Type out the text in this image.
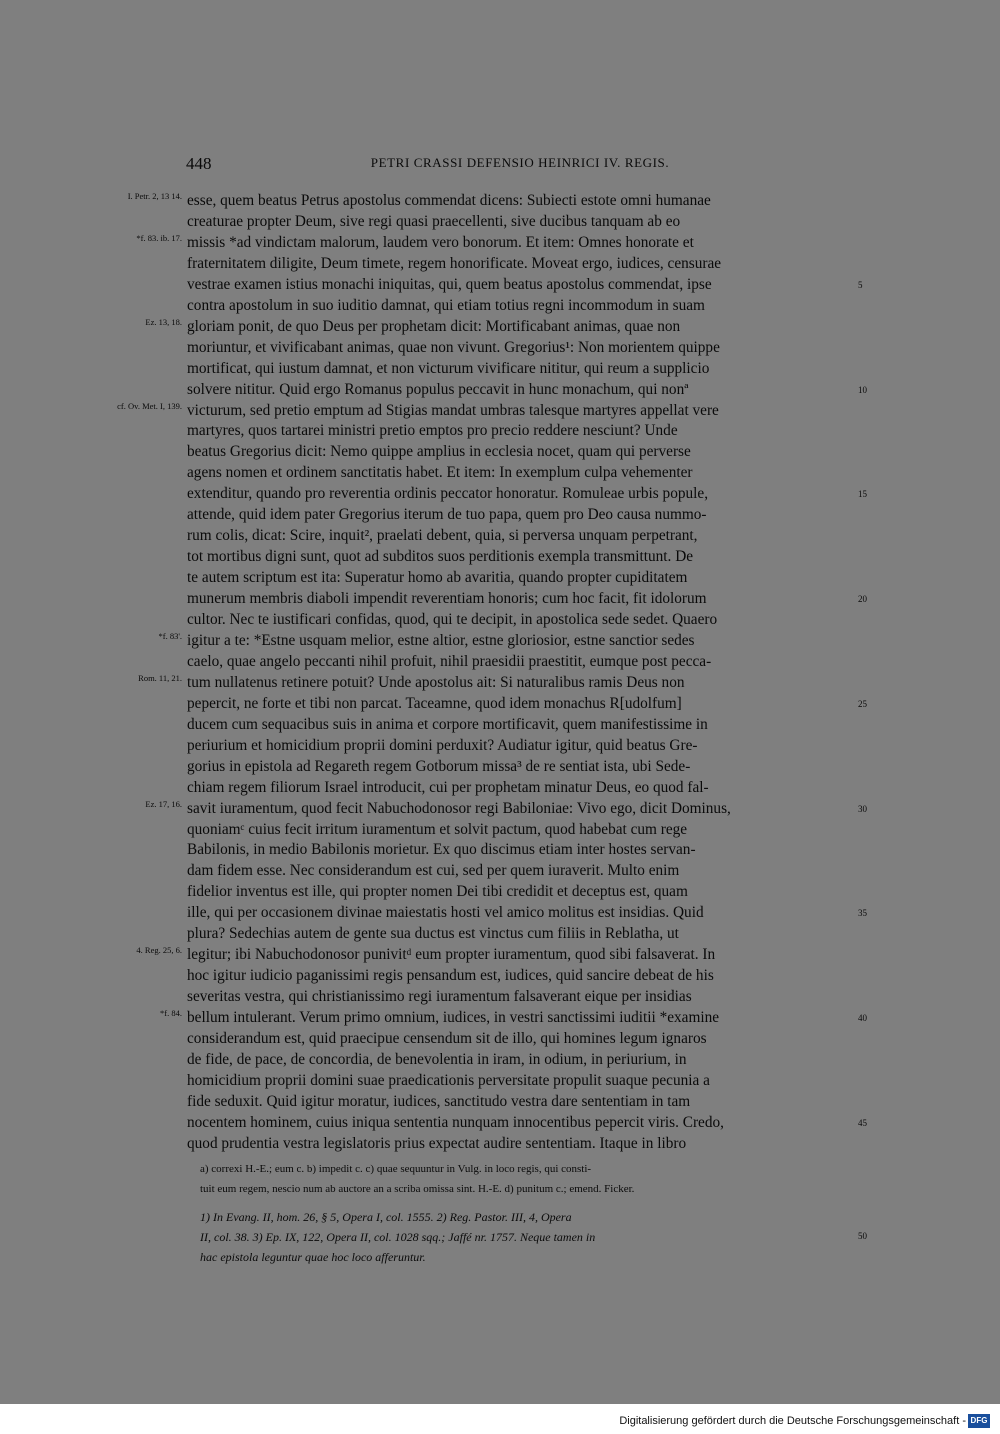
448	PETRI CRASSI DEFENSIO HEINRICI IV. REGIS.
esse, quem beatus Petrus apostolus commendat dicens: Subiecti estote omni humanae
creaturae propter Deum, sive regi quasi praecellenti, sive ducibus tanquam ab eo
missis *ad vindictam malorum, laudem vero bonorum. Et item: Omnes honorate et
fraternitatem diligite, Deum timete, regem honorificate. Moveat ergo, iudices, censurae
vestrae examen istius monachi iniquitas, qui, quem beatus apostolus commendat, ipse
contra apostolum in suo iuditio damnat, qui etiam totius regni incommodum in suam
gloriam ponit, de quo Deus per prophetam dicit: Mortificabant animas, quae non
moriuntur, et vivificabant animas, quae non vivunt. Gregorius¹: Non morientem quippe
mortificat, qui iustum damnat, et non victurum vivificare nititur, qui reum a supplicio
solvere nititur. Quid ergo Romanus populus peccavit in hunc monachum, qui nonª
victurum, sed pretio emptum ad Stigias mandat umbras talesque martyres appellat vere
martyres, quos tartarei ministri pretio emptos pro precio reddere nesciunt? Unde
beatus Gregorius dicit: Nemo quippe amplius in ecclesia nocet, quam qui perverse
agens nomen et ordinem sanctitatis habet. Et item: In exemplum culpa vehementer
extenditur, quando pro reverentia ordinis peccator honoratur. Romuleae urbis popule,
attende, quid idem pater Gregorius iterum de tuo papa, quem pro Deo causa nummo-
rum colis, dicat: Scire, inquit², praelati debent, quia, si perversa unquam perpetrant,
tot mortibus digni sunt, quot ad subditos suos perditionis exempla transmittunt. De
te autem scriptum est ita: Superatur homo ab avaritia, quando propter cupiditatem
munerum membris diaboli impendit reverentiam honoris; cum hoc facit, fit idolorum
cultor. Nec te iustificari confidas, quod, qui te decipit, in apostolica sede sedet. Quaero
igitur a te: *Estne usquam melior, estne altior, estne gloriosior, estne sanctior sedes
caelo, quae angelo peccanti nihil profuit, nihil praesidii praestitit, eumque post pecca-
tum nullatenus retinere potuit? Unde apostolus ait: Si naturalibus ramis Deus non
pepercit, ne forte et tibi non parcat. Taceamne, quod idem monachus R[udolfum]
ducem cum sequacibus suis in anima et corpore mortificavit, quem manifestissime in
periurium et homicidium proprii domini perduxit? Audiatur igitur, quid beatus Gre-
gorius in epistola ad Regareth regem Gotborum missa³ de re sentiat ista, ubi Sede-
chiam regem filiorum Israel introducit, cui per prophetam minatur Deus, eo quod fal-
savit iuramentum, quod fecit Nabuchodonosor regi Babiloniae: Vivo ego, dicit Dominus,
quoniamᶜ cuius fecit irritum iuramentum et solvit pactum, quod habebat cum rege
Babilonis, in medio Babilonis morietur. Ex quo discimus etiam inter hostes servan-
dam fidem esse. Nec considerandum est cui, sed per quem iuraverit. Multo enim
fidelior inventus est ille, qui propter nomen Dei tibi credidit et deceptus est, quam
ille, qui per occasionem divinae maiestatis hosti vel amico molitus est insidias. Quid
plura? Sedechias autem de gente sua ductus est vinctus cum filiis in Reblatha, ut
legitur; ibi Nabuchodonosor punivitᵈ eum propter iuramentum, quod sibi falsaverat. In
hoc igitur iudicio paganissimi regis pensandum est, iudices, quid sancire debeat de his
severitas vestra, qui christianissimo regi iuramentum falsaverant eique per insidias
bellum intulerant. Verum primo omnium, iudices, in vestri sanctissimi iuditii *examine
considerandum est, quid praecipue censendum sit de illo, qui homines legum ignaros
de fide, de pace, de concordia, de benevolentia in iram, in odium, in periurium, in
homicidium proprii domini suae praedicationis perversitate propulit suaque pecunia a
fide seduxit. Quid igitur moratur, iudices, sanctitudo vestra dare sententiam in tam
nocentem hominem, cuius iniqua sententia nunquam innocentibus pepercit viris. Credo,
quod prudentia vestra legislatoris prius expectat audire sententiam. Itaque in libro
I. Petr. 2, 13 14.
*f. 83. ib. 17.
Ez. 13, 18.
cf. Ov. Met. I, 139.
*f. 83'.
Rom. 11, 21.
Ez. 17, 16.
4. Reg. 25, 6.
*f. 84.
5
10
15
20
25
30
35
40
45
50
a) correxi H.-E.; eum c. b) impedit c. c) quae sequuntur in Vulg. in loco regis, qui consti-
tuit eum regem, nescio num ab auctore an a scriba omissa sint. H.-E. d) punitum c.; emend. Ficker.
1) In Evang. II, hom. 26, § 5, Opera I, col. 1555. 2) Reg. Pastor. III, 4, Opera
II, col. 38. 3) Ep. IX, 122, Opera II, col. 1028 sqq.; Jaffé nr. 1757. Neque tamen in
hac epistola leguntur quae hoc loco afferuntur.
Digitalisierung gefördert durch die Deutsche Forschungsgemeinschaft - DFG
